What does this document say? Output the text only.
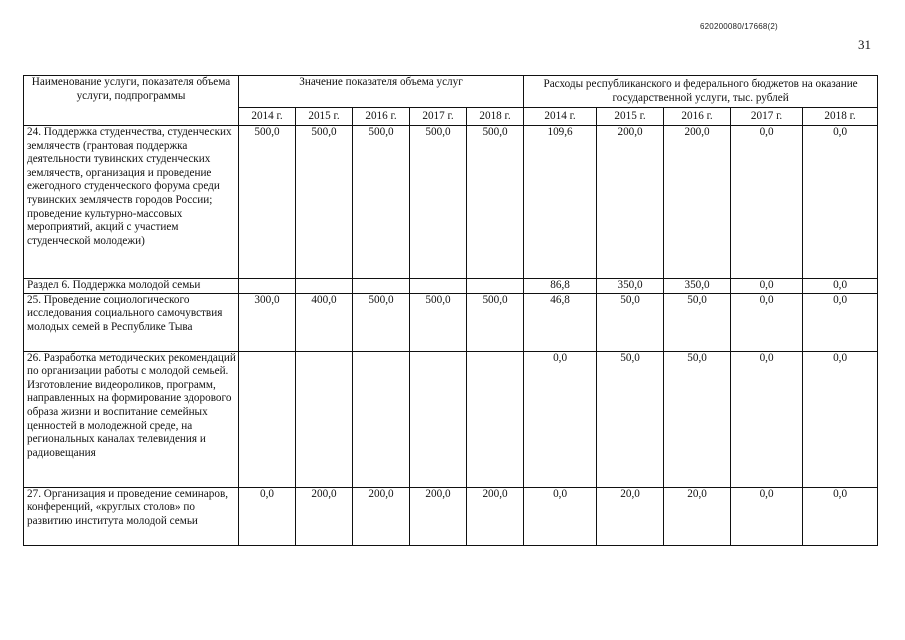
620200080/17668(2)
31
Наименование услуги, показателя объема услуги, подпрограммы	Значение показателя объема услуг					Расходы республиканского и федерального бюджетов на оказание государственной услуги, тыс. рублей				
	2014 г.	2015 г.	2016 г.	2017 г.	2018 г.	2014 г.	2015 г.	2016 г.	2017 г.	2018 г.
24. Поддержка студенчества, студенческих землячеств (грантовая поддержка деятельности тувинских студенческих землячеств, организация и проведение ежегодного студенческого форума среди тувинских землячеств городов России; проведение культурно-массовых мероприятий, акций с участием студенческой молодежи)	500,0	500,0	500,0	500,0	500,0	109,6	200,0	200,0	0,0	0,0
Раздел 6. Поддержка молодой семьи						86,8	350,0	350,0	0,0	0,0
25. Проведение социологического исследования социального самочувствия молодых семей в Республике Тыва	300,0	400,0	500,0	500,0	500,0	46,8	50,0	50,0	0,0	0,0
26. Разработка методических рекомендаций по организации работы с молодой семьей. Изготовление видеороликов, программ, направленных на формирование здорового образа жизни и воспитание семейных ценностей в молодежной среде, на региональных каналах телевидения и радиовещания						0,0	50,0	50,0	0,0	0,0
27. Организация и проведение семинаров, конференций, «круглых столов» по развитию института молодой семьи	0,0	200,0	200,0	200,0	200,0	0,0	20,0	20,0	0,0	0,0
